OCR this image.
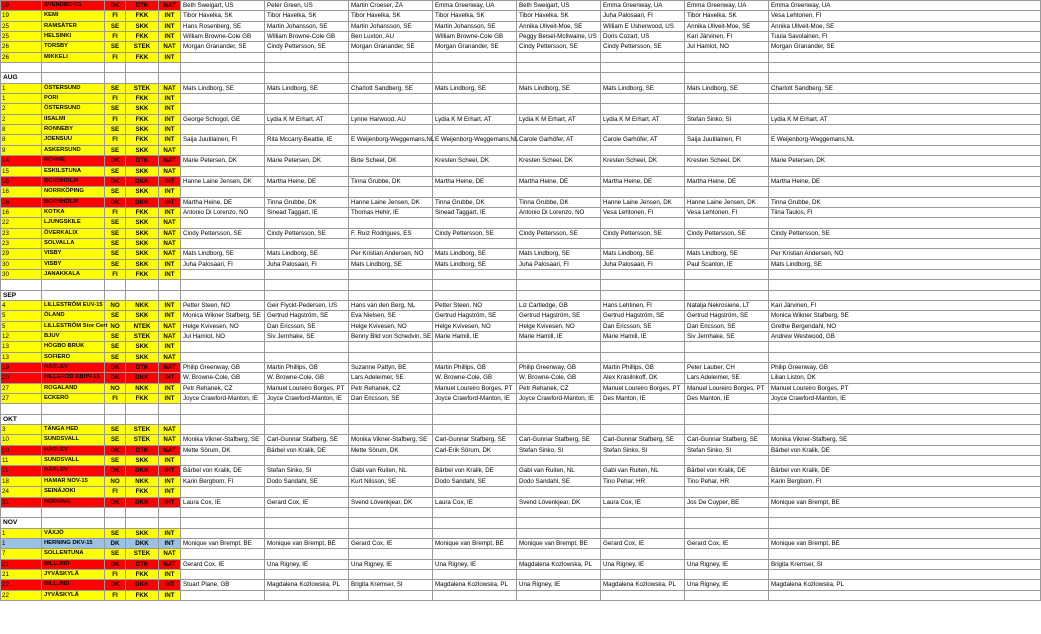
19	SVENDBORG	DK	DTK	NAT	Beth Sweigart, US	Peter Green, US	Martin Croeser, ZA	Emma Greenway, UA	Beth Sweigart, US	Emma Greenway, UA	Emma Greenway, UA	Emma Greenway, UA	
19	KEMI	FI	FKK	INT	Tibor Havelka, SK	Tibor Havelka, SK	Tibor Havelka, SK	Tibor Havelka, SK	Tibor Havelka, SK	Juha Palosaari, FI	Tibor Havelka, SK	Vesa Lehtonen, FI	
25	RAMSÄTER	SE	SKK	INT	Hans Rosenberg, SE	Martin Johansson, SE	Martin Johansson, SE	Martin Johansson, SE	Annika Ullveit-Moe, SE	William E Usherwood, US	Annika Ullveit-Moe, SE	Annika Ullveit-Moe, SE	
25	HELSINKI	FI	FKK	INT	William Browne-Cole GB	William Browne-Cole GB	Ben Luxton, AU	William Browne-Cole GB	Peggy Beisel-McIlwaine, US	Doris Cozart, US	Kari Järvinen, FI	Tuula Savolainen, FI	
26	TORSBY	SE	STEK	NAT	Morgan Granander, SE	Cindy Pettersson, SE	Morgan Granander, SE	Morgan Granander, SE	Cindy Pettersson, SE	Cindy Pettersson, SE	Jul Hamlot, NO	Morgan Granander, SE	
26	MIKKELI	FI	FKK	INT									

AUG													
1	ÖSTERSUND	SE	STEK	NAT	Mats Lindborg, SE	Mats Lindborg, SE	Charlott Sandberg, SE	Mats Lindborg, SE	Mats Lindborg, SE	Mats Lindborg, SE	Mats Lindborg, SE	Charlott Sandberg, SE	
1	PORI	FI	FKK	INT									
2	ÖSTERSUND	SE	SKK	INT									
2	IISALMI	FI	FKK	INT	George Schogol, GE	Lydia K M Erhart, AT	Lynne Harwood, AU	Lydia K M Erhart, AT	Lydia K M Erhart, AT	Lydia K M Erhart, AT	Stefan Sinko, SI	Lydia K M Erhart, AT	
8	RONNEBY	SE	SKK	INT									
8	JOENSUU	FI	FKK	INT	Saija Juutilainen, FI	Rita Mccarry-Beattie, IE	E Weijenborg-Weggemans,NL	E Weijenborg-Weggemans,NL	Carole Garhöfer, AT	Carole Garhöfer, AT	Saija Juutilainen, FI	E Weijenborg-Weggemans,NL	
9	ASKERSUND	SE	SKK	NAT									
14	RÖNNE	DK	DTK	NAT	Marie Petersen, DK	Marie Petersen, DK	Birte Scheel, DK	Kresten Scheel, DK	Kresten Scheel, DK	Kresten Scheel, DK	Kresten Scheel, DK	Marie Petersen, DK	
15	ESKILSTUNA	SE	SKK	NAT									
15	BORNHOLM	DK	DKK	INT	Hanne Laine Jensen, DK	Martha Heine, DE	Tinna Grubbe, DK	Martha Heine, DE	Martha Heine, DE	Martha Heine, DE	Martha Heine, DE	Martha Heine, DE	
16	NORRKÖPING	SE	SKK	INT									
16	BORNHOLM	DK	DKK	INT	Martha Heine, DE	Tinna Grubbe, DK	Hanne Laine Jensen, DK	Tinna Grubbe, DK	Tinna Grubbe, DK	Hanne Laine Jensen, DK	Hanne Laine Jensen, DK	Tinna Grubbe, DK	
16	KOTKA	FI	FKK	INT	Antonio Di Lorenzo, NO	Sinead Taggart, IE	Thomas Hehir, IE	Sinead Taggart, IE	Antonio Di Lorenzo, NO	Vesa Lehtonen, FI	Vesa Lehtonen, FI	Tiina Taulos, FI	
22	LJUNGSKILE	SE	SKK	NAT									
23	ÖVERKALIX	SE	SKK	NAT	Cindy Pettersson, SE	Cindy Pettersson, SE	F. Ruiz Rodrigues, ES	Cindy Pettersson, SE	Cindy Pettersson, SE	Cindy Pettersson, SE	Cindy Pettersson, SE	Cindy Pettersson, SE	
23	SOLVALLA	SE	SKK	NAT									
29	VISBY	SE	SKK	NAT	Mats Lindborg, SE	Mats Lindborg, SE	Per Kristian Andersen, NO	Mats Lindborg, SE	Mats Lindborg, SE	Mats Lindborg, SE	Mats Lindborg, SE	Per Kristian Andersen, NO	
30	VISBY	SE	SKK	INT	Juha Palosaari, FI	Juha Palosaari, FI	Mats Lindborg, SE	Mats Lindborg, SE	Juha Palosaari, FI	Juha Palosaari, FI	Paul Scanlon, IE	Mats Lindborg, SE	
30	JANAKKALA	FI	FKK	INT									

SEP													
4	LILLESTRÖM EUV-15	NO	NKK	INT	Petter Steen, NO	Geir Flyckt-Pedersen, US	Hans van den Berg, NL	Petter Steen, NO	Liz Cartledge, GB	Hans Lehtinen, FI	Natalja Nekrosiene, LT	Kari Järvinen, FI	
5	ÖLAND	SE	SKK	INT	Monica Wikner Stafberg, SE	Gertrud Hagström, SE	Eva Nielsen, SE	Gertrud Hagström, SE	Gertrud Hagström, SE	Gertrud Hagström, SE	Gertrud Hagström, SE	Monica Wikner Stafberg, SE	
5	LILLESTRÖM Stor Cert	NO	NTEK	NAT	Helge Kvivesen, NO	Dan Ericsson, SE	Helge Kvivesen, NO	Helge Kvivesen, NO	Helge Kvivesen, NO	Dan Ericsson, SE	Dan Ericsson, SE	Grethe Bergendahl, NO	
12	BJUV	SE	STEK	NAT	Jul Hamlot, NO	Siv Jernhake, SE	Benny Blid von Schedvin, SE	Marie Hamill, IE	Marie Hamill, IE	Marie Hamill, IE	Siv Jernhake, SE	Andrew Westwood, GB	
13	HÖGBO BRUK	SE	SKK	INT									
13	SOFIERO	SE	SKK	NAT									
19	HÄRLEV	DK	DTK	NAT	Philip Greenway, GB	Martin Phillips, GB	Suzanne Pattyn, BE	Martin Phillips, GB	Philip Greenway, GB	Martin Phillips, GB	Peter Lauber, CH	Philip Greenway, GB	
20	HILLERÖD KBHV-15	DK	DKK	INT	W. Browne-Cole, GB	W. Browne-Cole, GB	Lars Adeleimer, SE	W. Browne-Cole, GB	W. Browne-Cole, GB	Alex Krasilnkoff, DK	Lars Adeleimer, SE	Lilian Liston, DK	
27	ROGALAND	NO	NKK	INT	Petr Rehanek, CZ	Manuel Loureiro Borges, PT	Petr Rehanek, CZ	Manuel Loureiro Borges, PT	Petr Rehanek, CZ	Manuel Loureiro Borges, PT	Manuel Loureiro Borges, PT	Manuel Loureiro Borges, PT	
27	ECKERÖ	FI	FKK	INT	Joyce Crawford-Manton, IE	Joyce Crawford-Manton, IE	Dan Ericsson, SE	Joyce Crawford-Manton, IE	Joyce Crawford-Manton, IE	Des Manton, IE	Des Manton, IE	Joyce Crawford-Manton, IE	

OKT													
3	TÄNGA HED	SE	STEK	NAT									
10	SUNDSVALL	SE	STEK	NAT	Monika Vikner-Stafberg, SE	Carl-Gunnar Stafberg, SE	Monika Vikner-Stafberg, SE	Carl-Gunnar Stafberg, SE	Carl-Gunnar Stafberg, SE	Carl-Gunnar Stafberg, SE	Carl-Gunnar Stafberg, SE	Monika Vikner-Stafberg, SE	
10	HÄRLEV	DK	DTK	NAT	Mette Sörum, DK	Bärbel von Kralik, DE	Mette Sörum, DK	Carl-Erik Sörum, DK	Stefan Sinko, SI	Stefan Sinko, SI	Stefan Sinko, SI	Bärbel von Kralik, DE	
11	SUNDSVALL	SE	SKK	INT									
11	HÄRLEV	DK	DKK	INT	Bärbel von Kralik, DE	Stefan Sinko, SI	Gabi van Ruiten, NL	Bärbel von Kralik, DE	Gabi van Ruiten, NL	Gabi van Ruiten, NL	Bärbel von Kralik, DE	Bärbel von Kralik, DE	
18	HAMAR NOV-15	NO	NKK	INT	Karin Bergbom, FI	Dodo Sandahl, SE	Kurt Nilsson, SE	Dodo Sandahl, SE	Dodo Sandahl, SE	Tino Pehar, HR	Tino Pehar, HR	Karin Bergbom, FI	
24	SEINÄJOKI	FI	FKK	INT									
31	HERNING	DK	DKK	INT	Laura Cox, IE	Gerard Cox, IE	Svend Lövenkjear, DK	Laura Cox, IE	Svend Lövenkjear, DK	Laura Cox, IE	Jos De Cuyper, BE	Monique van Brempt, BE	

NOV													
1	VÄXJÖ	SE	SKK	INT									
1	HERNING DKV-15	DK	DKK	INT	Monique van Brempt, BE	Monique van Brempt, BE	Gerard Cox, IE	Monique van Brempt, BE	Monique van Brempt, BE	Gerard Cox, IE	Gerard Cox, IE	Monique van Brempt, BE	
7	SOLLENTUNA	SE	STEK	NAT									
21	BILLUND	DK	DTK	NAT	Gerard Cox, IE	Una Rigney, IE	Una Rigney, IE	Una Rigney, IE	Magdalena Kozlowska, PL	Una Rigney, IE	Una Rigney, IE	Brigita Kremser, SI	
21	JYVÄSKYLÄ	FI	FKK	INT									
22	BILLUND	DK	DKK	INT	Stuart Plane, GB	Magdalena Kozlowska, PL	Brigita Kremser, SI	Magdalena Kozlowska, PL	Una Rigney, IE	Magdalena Kozlowska, PL	Una Rigney, IE	Magdalena Kozlowska, PL	
22	JYVÄSKYLÄ	FI	FKK	INT									
